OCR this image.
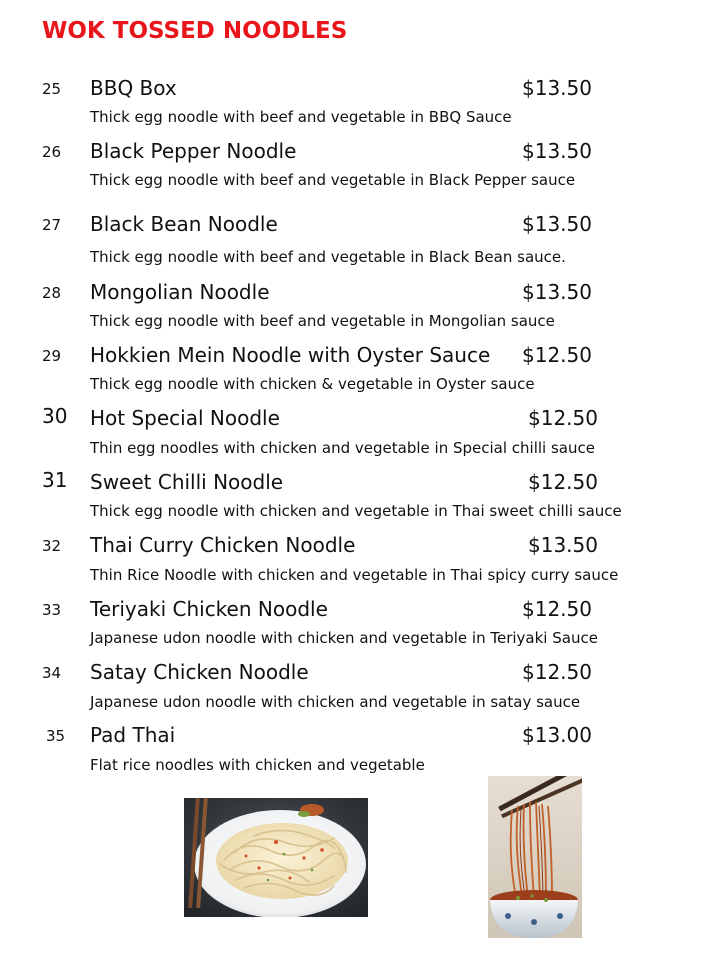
WOK TOSSED NOODLES
25 BBQ Box	$13.50
Thick egg noodle with beef and vegetable in BBQ Sauce
26 Black Pepper Noodle	$13.50
Thick egg noodle with beef and vegetable in Black Pepper sauce
27 Black Bean Noodle	$13.50
Thick egg noodle with beef and vegetable in Black Bean sauce.
28 Mongolian Noodle	$13.50
Thick egg noodle with beef and vegetable in Mongolian sauce
29 Hokkien Mein Noodle with Oyster Sauce $12.50
Thick egg noodle with chicken & vegetable in Oyster sauce
30 Hot Special Noodle	$12.50
Thin egg noodles with chicken and vegetable in Special chilli sauce
31 Sweet Chilli Noodle	$12.50
Thick egg noodle with chicken and vegetable in Thai sweet chilli sauce
32 Thai Curry Chicken Noodle	$13.50
Thin Rice Noodle with chicken and vegetable in Thai spicy curry sauce
33 Teriyaki Chicken Noodle	$12.50
Japanese udon noodle with chicken and vegetable in Teriyaki Sauce
34 Satay Chicken Noodle	$12.50
Japanese udon noodle with chicken and vegetable in satay sauce
35 Pad Thai	$13.00
Flat rice noodles with chicken and vegetable
